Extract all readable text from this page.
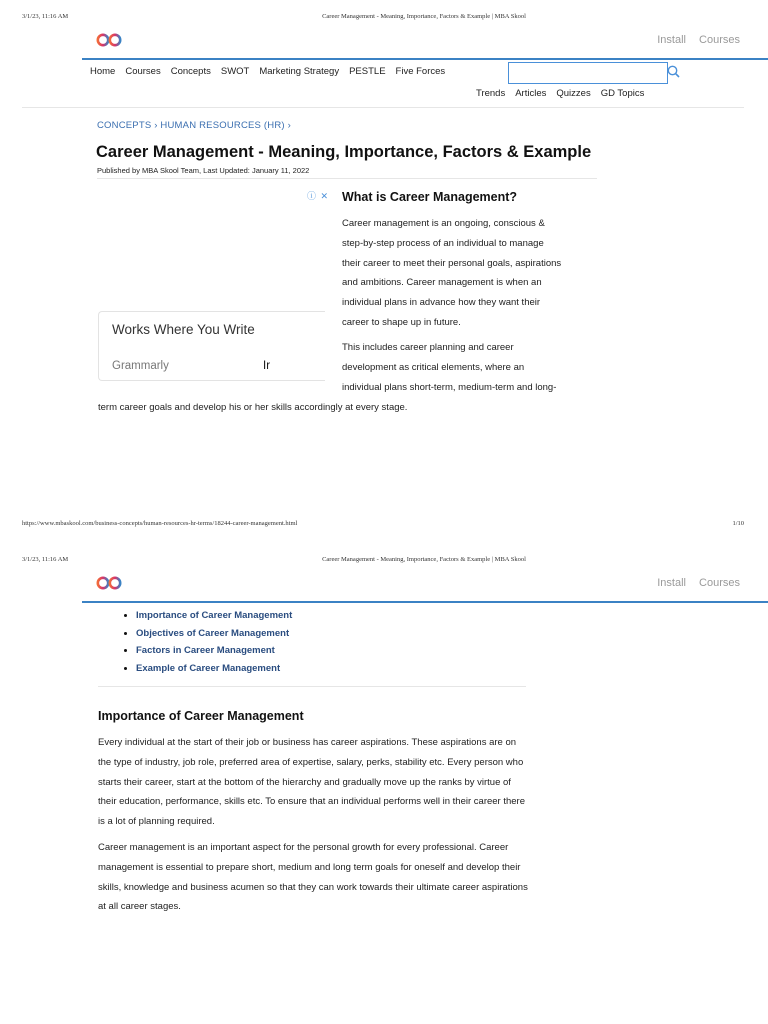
3/1/23, 11:16 AM	Career Management - Meaning, Importance, Factors & Example | MBA Skool
Install Courses
Home Courses Concepts SWOT Marketing Strategy PESTLE Five Forces
Trends Articles Quizzes GD Topics
CONCEPTS › HUMAN RESOURCES (HR) ›
Career Management - Meaning, Importance, Factors & Example
Published by MBA Skool Team, Last Updated: January 11, 2022
ⓘ ✕
Works Where You Write
Grammarly	Ir
What is Career Management?
Career management is an ongoing, conscious &
step-by-step process of an individual to manage
their career to meet their personal goals, aspirations
and ambitions. Career management is when an
individual plans in advance how they want their
career to shape up in future.
This includes career planning and career
development as critical elements, where an
individual plans short-term, medium-term and long-
term career goals and develop his or her skills accordingly at every stage.
https://www.mbaskool.com/business-concepts/human-resources-hr-terms/18244-career-management.html	1/10
3/1/23, 11:16 AM	Career Management - Meaning, Importance, Factors & Example | MBA Skool
Install Courses
• Importance of Career Management
• Objectives of Career Management
• Factors in Career Management
• Example of Career Management
Importance of Career Management
Every individual at the start of their job or business has career aspirations. These aspirations are on
the type of industry, job role, preferred area of expertise, salary, perks, stability etc. Every person who
starts their career, start at the bottom of the hierarchy and gradually move up the ranks by virtue of
their education, performance, skills etc. To ensure that an individual performs well in their career there
is a lot of planning required.
Career management is an important aspect for the personal growth for every professional. Career
management is essential to prepare short, medium and long term goals for oneself and develop their
skills, knowledge and business acumen so that they can work towards their ultimate career aspirations
at all career stages.
